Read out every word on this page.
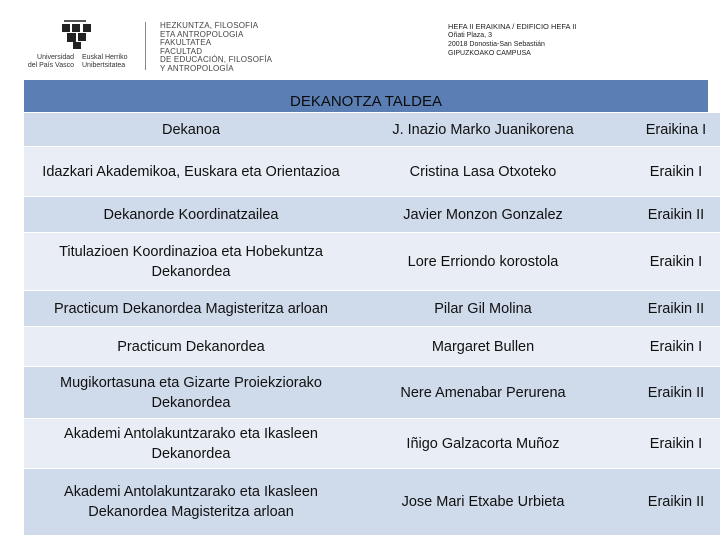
Universidad
del País Vasco
Euskal Herriko
Unibertsitatea
HEZKUNTZA, FILOSOFIA
ETA ANTROPOLOGIA
FAKULTATEA
FACULTAD
DE EDUCACIÓN, FILOSOFÍA
Y ANTROPOLOGÍA
HEFA II ERAIKINA / EDIFICIO HEFA II
Oñati Plaza, 3
20018 Donostia-San Sebastián
GIPUZKOAKO CAMPUSA
DEKANOTZA TALDEA
Dekanoa	J. Inazio Marko Juanikorena	Eraikina I
Idazkari Akademikoa, Euskara eta Orientazioa	Cristina Lasa Otxoteko	Eraikin I
Dekanorde Koordinatzailea	Javier Monzon Gonzalez	Eraikin II
Titulazioen Koordinazioa eta Hobekuntza Dekanordea	Lore Erriondo korostola	Eraikin I
Practicum Dekanordea Magisteritza arloan	Pilar Gil Molina	Eraikin II
Practicum Dekanordea	Margaret Bullen	Eraikin I
Mugikortasuna eta Gizarte Proiekziorako Dekanordea	Nere Amenabar Perurena	Eraikin II
Akademi Antolakuntzarako eta Ikasleen Dekanordea	Iñigo Galzacorta Muñoz	Eraikin I
Akademi Antolakuntzarako eta Ikasleen Dekanordea Magisteritza arloan	Jose Mari Etxabe Urbieta	Eraikin II
